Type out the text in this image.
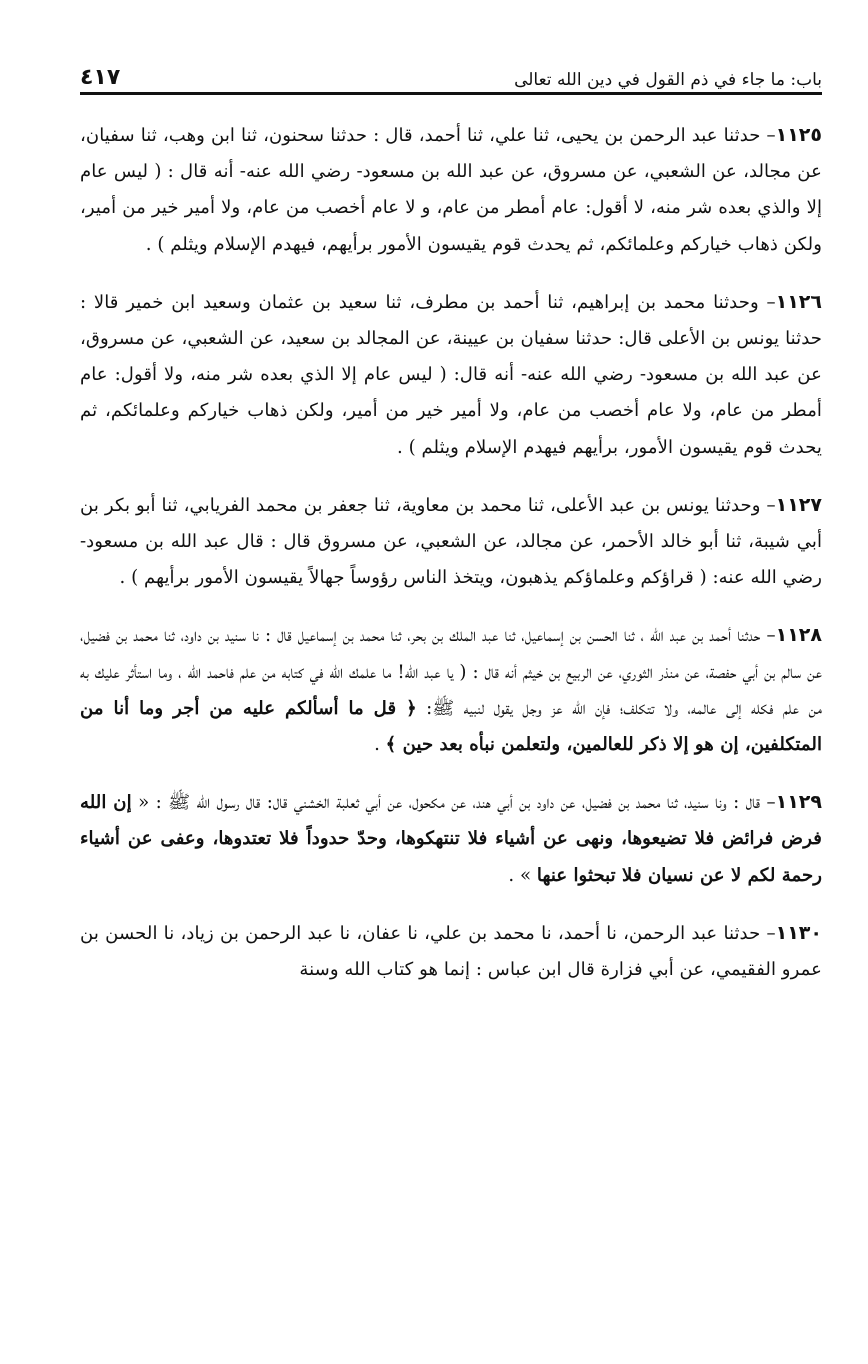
باب: ما جاء في ذم القول في دين الله تعالى
٤١٧

١١٢٥– حدثنا عبد الرحمن بن يحيى، ثنا علي، ثنا أحمد، قال : حدثنا سحنون، ثنا ابن وهب، ثنا سفيان، عن مجالد، عن الشعبي، عن مسروق، عن عبد الله بن مسعود- رضي الله عنه- أنه قال : ( ليس عام إلا والذي بعده شر منه، لا أقول: عام أمطر من عام، و لا عام أخصب من عام، ولا أمير خير من أمير، ولكن ذهاب خياركم وعلمائكم، ثم يحدث قوم يقيسون الأمور برأيهم، فيهدم الإسلام ويثلم ) .

١١٢٦– وحدثنا محمد بن إبراهيم، ثنا أحمد بن مطرف، ثنا سعيد بن عثمان وسعيد ابن خمير قالا : حدثنا يونس بن الأعلى قال: حدثنا سفيان بن عيينة، عن المجالد بن سعيد، عن الشعبي، عن مسروق، عن عبد الله بن مسعود- رضي الله عنه- أنه قال: ( ليس عام إلا الذي بعده شر منه، ولا أقول: عام أمطر من عام، ولا عام أخصب من عام، ولا أمير خير من أمير، ولكن ذهاب خياركم وعلمائكم، ثم يحدث قوم يقيسون الأمور، برأيهم فيهدم الإسلام ويثلم ) .

١١٢٧– وحدثنا يونس بن عبد الأعلى، ثنا محمد بن معاوية، ثنا جعفر بن محمد الفريابي، ثنا أبو بكر بن أبي شيبة، ثنا أبو خالد الأحمر، عن مجالد، عن الشعبي، عن مسروق قال : قال عبد الله بن مسعود- رضي الله عنه: ( قراؤكم وعلماؤكم يذهبون، ويتخذ الناس رؤوساً جهالاً يقيسون الأمور برأيهم ) .

١١٢٨– حدثنا أحمد بن عبد الله ، ثنا الحسن بن إسماعيل، ثنا عبد الملك بن بحر، ثنا محمد بن إسماعيل قال : نا سنيد بن داود، ثنا محمد بن فضيل، عن سالم بن أبي حفصة، عن منذر الثوري، عن الربيع بن خيثم أنه قال : ( يا عبد الله! ما علمك الله في كتابه من علم فاحمد الله ، وما استأثر عليك به من علم فكله إلى عالمه، ولا تتكلف؛ فإن الله عز وجل يقول لنبيه ﷺ: ﴿ قل ما أسألكم عليه من أجر وما أنا من المتكلفين، إن هو إلا ذكر للعالمين، ولتعلمن نبأه بعد حين ﴾ .

١١٢٩– قال : ونا سنيد، ثنا محمد بن فضيل، عن داود بن أبي هند، عن مكحول، عن أبي ثعلبة الخشني قال: قال رسول الله ﷺ : « إن الله فرض فرائض فلا تضيعوها، ونهى عن أشياء فلا تنتهكوها، وحدّ حدوداً فلا تعتدوها، وعفى عن أشياء رحمة لكم لا عن نسيان فلا تبحثوا عنها » .

١١٣٠– حدثنا عبد الرحمن، نا أحمد، نا محمد بن علي، نا عفان، نا عبد الرحمن بن زياد، نا الحسن بن عمرو الفقيمي، عن أبي فزارة قال ابن عباس : إنما هو كتاب الله وسنة
